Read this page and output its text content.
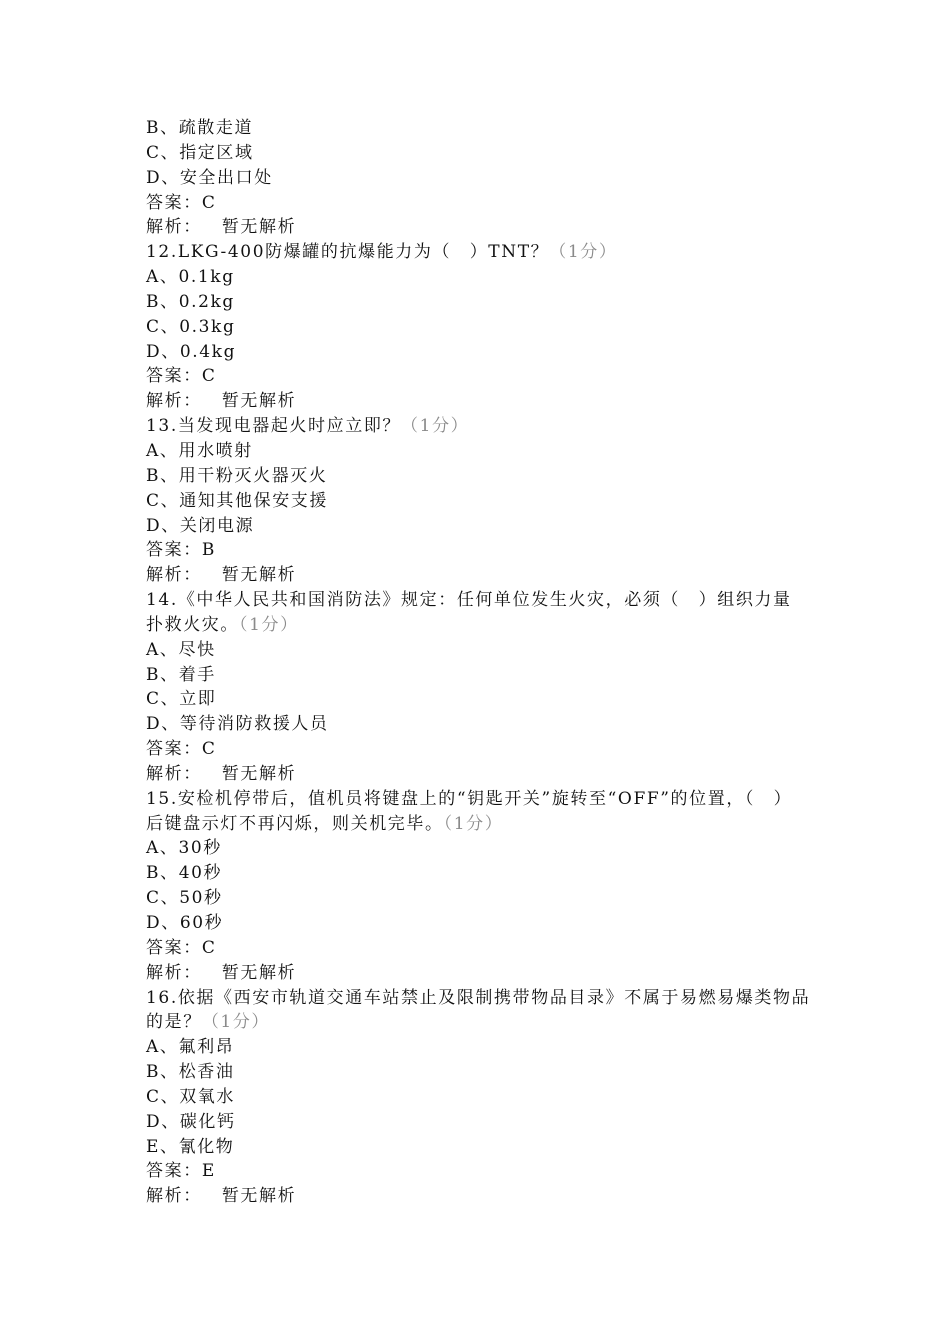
B、疏散走道
C、指定区域
D、安全出口处
答案：C
解析： 暂无解析
12.LKG-400防爆罐的抗爆能力为（　）TNT？（1分）
A、0.1kg
B、0.2kg
C、0.3kg
D、0.4kg
答案：C
解析： 暂无解析
13.当发现电器起火时应立即？（1分）
A、用水喷射
B、用干粉灭火器灭火
C、通知其他保安支援
D、关闭电源
答案：B
解析： 暂无解析
14.《中华人民共和国消防法》规定：任何单位发生火灾，必须（　）组织力量扑救火灾。（1分）
A、尽快
B、着手
C、立即
D、等待消防救援人员
答案：C
解析： 暂无解析
15.安检机停带后，值机员将键盘上的“钥匙开关”旋转至“OFF”的位置，（　）后键盘示灯不再闪烁，则关机完毕。（1分）
A、30秒
B、40秒
C、50秒
D、60秒
答案：C
解析： 暂无解析
16.依据《西安市轨道交通车站禁止及限制携带物品目录》不属于易燃易爆类物品的是？（1分）
A、氟利昂
B、松香油
C、双氧水
D、碳化钙
E、氰化物
答案：E
解析： 暂无解析
